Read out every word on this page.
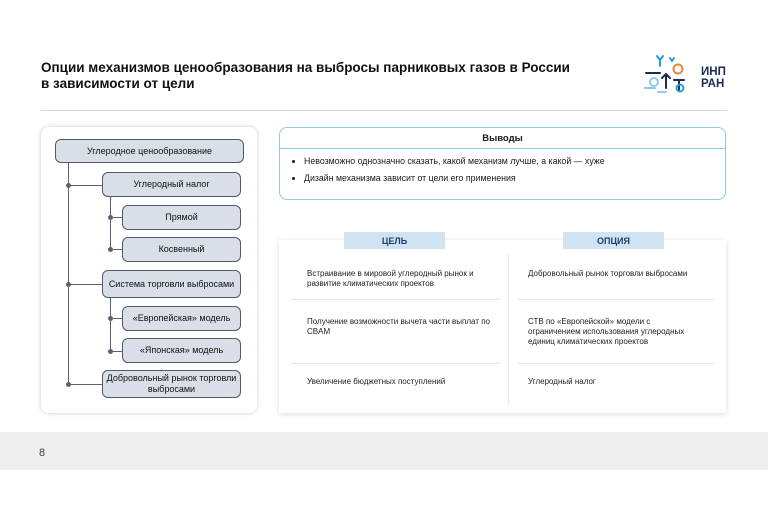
Опции механизмов ценообразования на выбросы парниковых газов в России в зависимости от цели
ИНП
РАН
Углеродное ценообразование
Углеродный налог
Прямой
Косвенный
Система торговли выбросами
«Европейская» модель
«Японская» модель
Добровольный рынок торговли выбросами
Выводы
• Невозможно однозначно сказать, какой механизм лучше, а какой — хуже
• Дизайн механизма зависит от цели его применения
ЦЕЛЬ	ОПЦИЯ
Встраивание в мировой углеродный рынок и развитие климатических проектов
Добровольный рынок торговли выбросами
Получение возможности вычета части выплат по CBAM
СТВ по «Европейской» модели с ограничением использования углеродных единиц климатических проектов
Увеличение бюджетных поступлений	Углеродный налог
8
